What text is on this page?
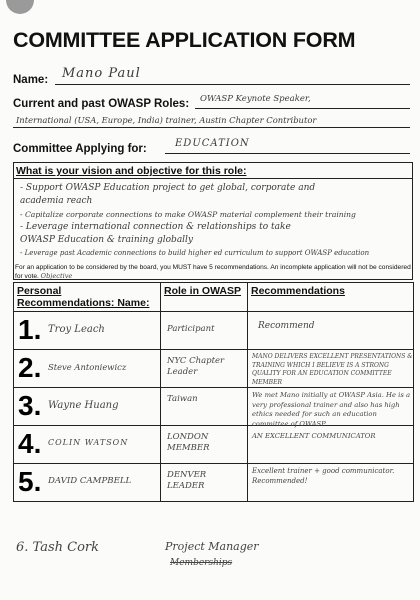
COMMITTEE APPLICATION FORM
Name: Mano Paul
Current and past OWASP Roles: OWASP Keynote Speaker,
International (USA, Europe, India) trainer, Austin Chapter Contributor
Committee Applying for:	EDUCATION
What is your vision and objective for this role:
- Support OWASP Education project to get global, corporate and
academia reach
- Capitalize corporate connections to make OWASP material complement their training
- Leverage international connection & relationships to take
OWASP Education & training globally
- Leverage past Academic connections to build higher ed curriculum to support OWASP education
For an application to be considered by the board, you MUST have 5 recommendations. An incomplete application will not be considered for vote. Objective
Personal Recommendations: Name:	Role in OWASP	Recommendations

1. Troy Leach	Participant	Recommend

2. Steve Antoniewicz	NYC Chapter Leader	MANO DELIVERS EXCELLENT PRESENTATIONS & TRAINING WHICH I BELIEVE IS A STRONG QUALITY FOR AN EDUCATION COMMITTEE MEMBER

3. Wayne Huang	Taiwan	We met Mano initially at OWASP Asia. He is a very professional trainer and also has high ethics needed for such an education committee of OWASP

4. COLIN WATSON	LONDON MEMBER	AN EXCELLENT COMMUNICATOR

5. DAVID CAMPBELL	DENVER LEADER	Excellent trainer + good communicator. Recommended!
6. Tash Cork	Project Manager
Memberships
